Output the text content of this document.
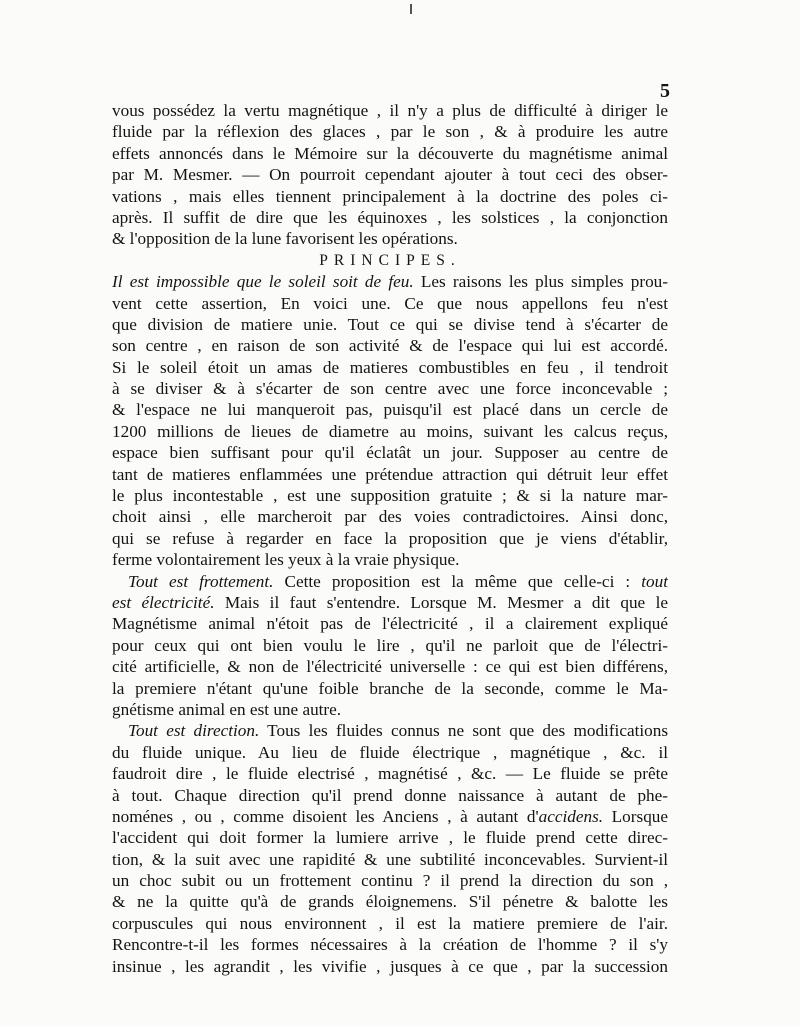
5
vous possédez la vertu magnétique , il n'y a plus de difficulté à diriger le
fluide par la réflexion des glaces , par le son , & à produire les autre
effets annoncés dans le Mémoire sur la découverte du magnétisme animal
par M. Mesmer. — On pourroit cependant ajouter à tout ceci des obser-
vations , mais elles tiennent principalement à la doctrine des poles ci-
après. Il suffit de dire que les équinoxes , les solstices , la conjonction
& l'opposition de la lune favorisent les opérations.
PRINCIPES.
Il est impossible que le soleil soit de feu. Les raisons les plus simples prou-
vent cette assertion, En voici une. Ce que nous appellons feu n'est
que division de matiere unie. Tout ce qui se divise tend à s'écarter de
son centre , en raison de son activité & de l'espace qui lui est accordé.
Si le soleil étoit un amas de matieres combustibles en feu , il tendroit
à se diviser & à s'écarter de son centre avec une force inconcevable ;
& l'espace ne lui manqueroit pas, puisqu'il est placé dans un cercle de
1200 millions de lieues de diametre au moins, suivant les calcus reçus,
espace bien suffisant pour qu'il éclatât un jour. Supposer au centre de
tant de matieres enflammées une prétendue attraction qui détruit leur effet
le plus incontestable , est une supposition gratuite ; & si la nature mar-
choit ainsi , elle marcheroit par des voies contradictoires. Ainsi donc,
qui se refuse à regarder en face la proposition que je viens d'établir,
ferme volontairement les yeux à la vraie physique.
Tout est frottement. Cette proposition est la même que celle-ci : tout
est électricité. Mais il faut s'entendre. Lorsque M. Mesmer a dit que le
Magnétisme animal n'étoit pas de l'électricité , il a clairement expliqué
pour ceux qui ont bien voulu le lire , qu'il ne parloit que de l'électri-
cité artificielle, & non de l'électricité universelle : ce qui est bien différens,
la premiere n'étant qu'une foible branche de la seconde, comme le Ma-
gnétisme animal en est une autre.
Tout est direction. Tous les fluides connus ne sont que des modifications
du fluide unique. Au lieu de fluide électrique , magnétique , &c. il
faudroit dire , le fluide electrisé , magnétisé , &c. — Le fluide se prête
à tout. Chaque direction qu'il prend donne naissance à autant de phe-
noménes , ou , comme disoient les Anciens , à autant d'accidens. Lorsque
l'accident qui doit former la lumiere arrive , le fluide prend cette direc-
tion, & la suit avec une rapidité & une subtilité inconcevables. Survient-il
un choc subit ou un frottement continu ? il prend la direction du son ,
& ne la quitte qu'à de grands éloignemens. S'il pénetre & balotte les
corpuscules qui nous environnent , il est la matiere premiere de l'air.
Rencontre-t-il les formes nécessaires à la création de l'homme ? il s'y
insinue , les agrandit , les vivifie , jusques à ce que , par la succession
